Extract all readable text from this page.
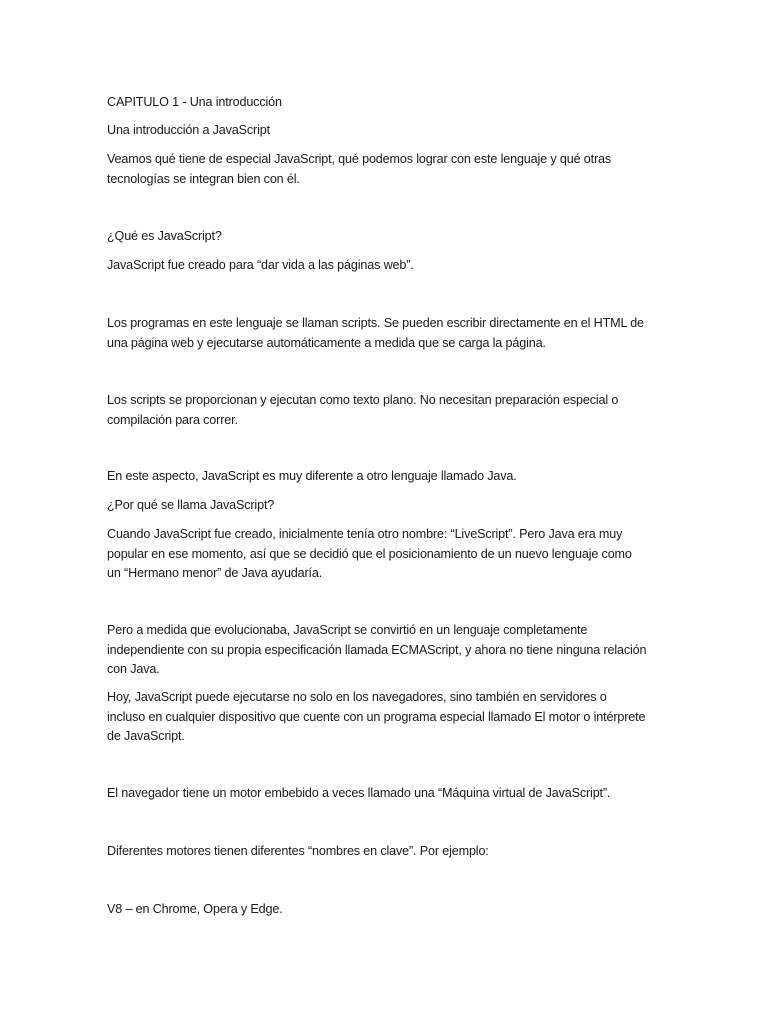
CAPITULO 1 - Una introducción

Una introducción a JavaScript

Veamos qué tiene de especial JavaScript, qué podemos lograr con este lenguaje y qué otras tecnologías se integran bien con él.

¿Qué es JavaScript?

JavaScript fue creado para “dar vida a las páginas web”.

Los programas en este lenguaje se llaman scripts. Se pueden escribir directamente en el HTML de una página web y ejecutarse automáticamente a medida que se carga la página.

Los scripts se proporcionan y ejecutan como texto plano. No necesitan preparación especial o compilación para correr.

En este aspecto, JavaScript es muy diferente a otro lenguaje llamado Java.

¿Por qué se llama JavaScript?

Cuando JavaScript fue creado, inicialmente tenía otro nombre: “LiveScript”. Pero Java era muy popular en ese momento, así que se decidió que el posicionamiento de un nuevo lenguaje como un “Hermano menor” de Java ayudaría.

Pero a medida que evolucionaba, JavaScript se convirtió en un lenguaje completamente independiente con su propia especificación llamada ECMAScript, y ahora no tiene ninguna relación con Java.

Hoy, JavaScript puede ejecutarse no solo en los navegadores, sino también en servidores o incluso en cualquier dispositivo que cuente con un programa especial llamado El motor o intérprete de JavaScript.

El navegador tiene un motor embebido a veces llamado una “Máquina virtual de JavaScript”.

Diferentes motores tienen diferentes “nombres en clave”. Por ejemplo:

V8 – en Chrome, Opera y Edge.
